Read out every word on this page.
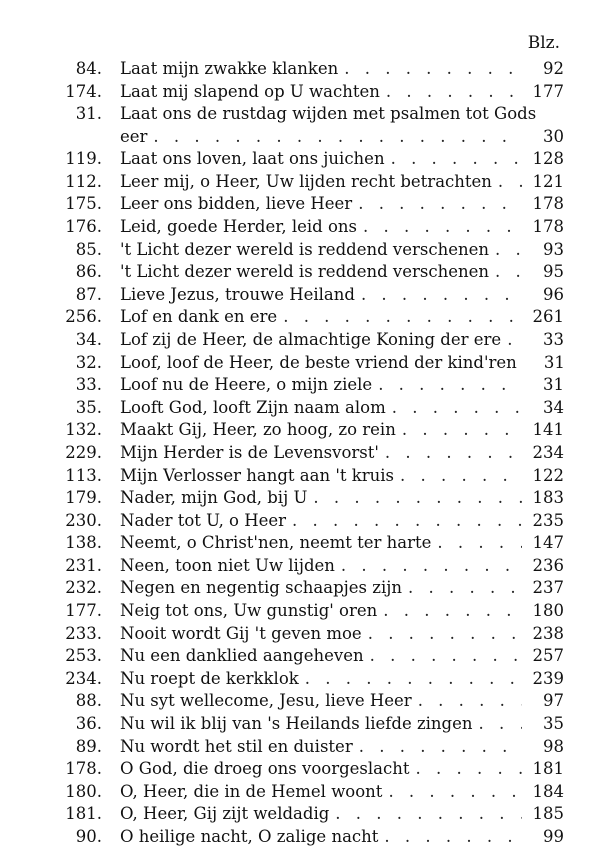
Blz.
84. Laat mijn zwakke klanken . . .	92
174. Laat mij slapend op U wachten . . .	177
31. Laat ons de rustdag wijden met psalmen tot Gods
eer . . .	30
119. Laat ons loven, laat ons juichen . . .	128
112. Leer mij, o Heer, Uw lijden recht betrachten . . . 121
175. Leer ons bidden, lieve Heer . . .	178
176. Leid, goede Herder, leid ons . . .	178
85. 't Licht dezer wereld is reddend verschenen . . .	93
86. 't Licht dezer wereld is reddend verschenen . . .	95
87. Lieve Jezus, trouwe Heiland . . .	96
256. Lof en dank en ere . . .	261
34. Lof zij de Heer, de almachtige Koning der ere . . .	33
32. Loof, loof de Heer, de beste vriend der kind'ren	31
33. Loof nu de Heere, o mijn ziele . . .	31
35. Looft God, looft Zijn naam alom . . .	34
132. Maakt Gij, Heer, zo hoog, zo rein . . .	141
229. Mijn Herder is de Levensvorst' . . .	234
113. Mijn Verlosser hangt aan 't kruis . . .	122
179. Nader, mijn God, bij U . . .	183
230. Nader tot U, o Heer . . .	235
138. Neemt, o Christ'nen, neemt ter harte . . .	147
231. Neen, toon niet Uw lijden . . .	236
232. Negen en negentig schaapjes zijn . . .	237
177. Neig tot ons, Uw gunstig' oren . . .	180
233. Nooit wordt Gij 't geven moe . . .	238
253. Nu een danklied aangeheven . . .	257
234. Nu roept de kerkklok . . .	239
88. Nu syt wellecome, Jesu, lieve Heer . . .	97
36. Nu wil ik blij van 's Heilands liefde zingen . . .	35
89. Nu wordt het stil en duister . . .	98
178. O God, die droeg ons voorgeslacht . . .	181
180. O, Heer, die in de Hemel woont . . .	184
181. O, Heer, Gij zijt weldadig . . .	185
90. O heilige nacht, O zalige nacht . . .	99
